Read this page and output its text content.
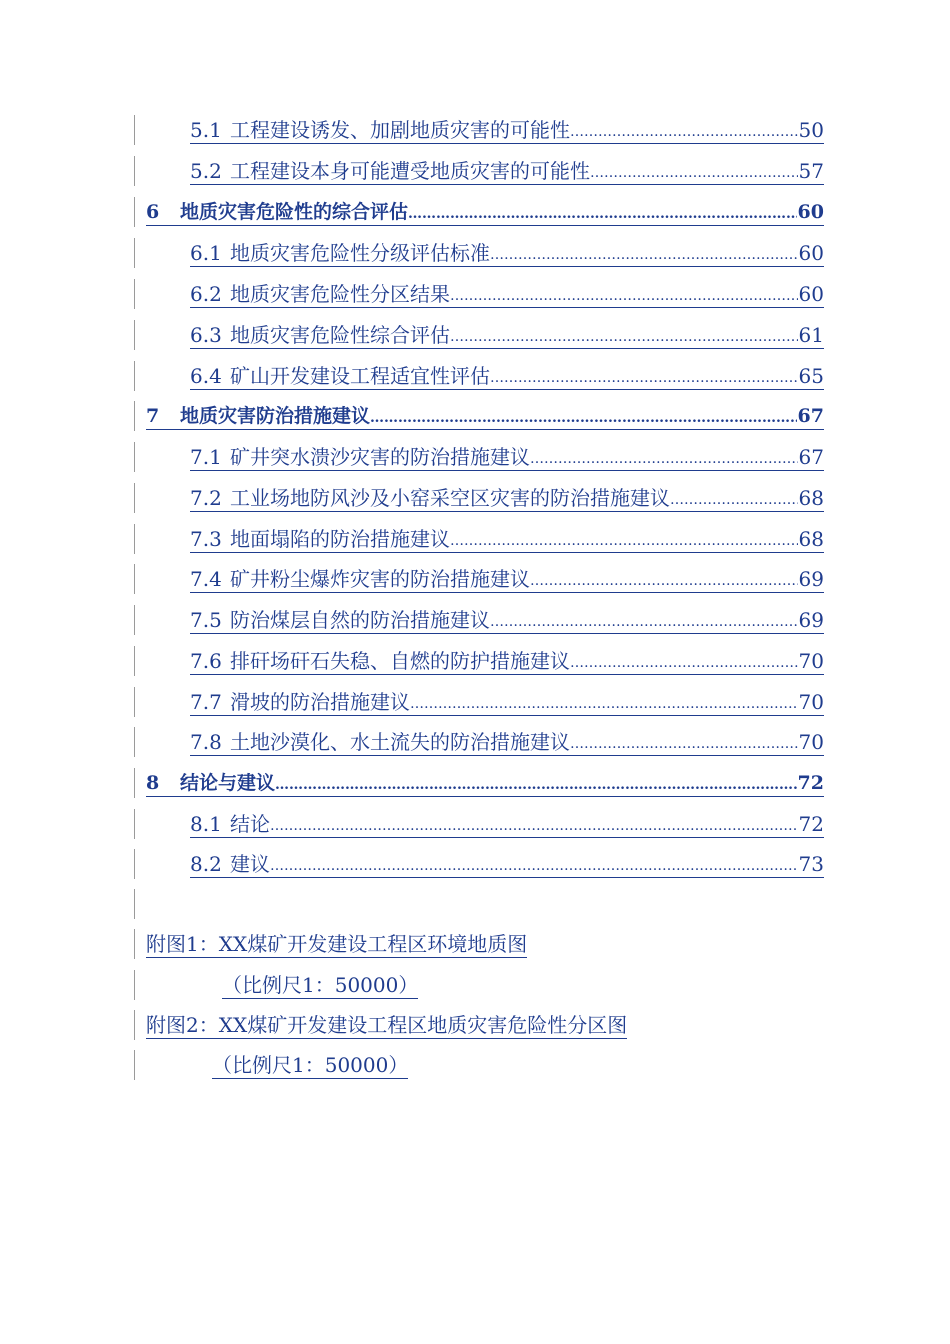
5.1 工程建设诱发、加剧地质灾害的可能性 …………………………………………………………………………………………………………………………	50
5.2 工程建设本身可能遭受地质灾害的可能性 …………………………………………………………………………………………………………………………	57
6	地质灾害危险性的综合评估 …………………………………………………………………………………………………………………………	60
6.1 地质灾害危险性分级评估标准 …………………………………………………………………………………………………………………………	60
6.2 地质灾害危险性分区结果 …………………………………………………………………………………………………………………………	60
6.3 地质灾害危险性综合评估 …………………………………………………………………………………………………………………………	61
6.4 矿山开发建设工程适宜性评估 …………………………………………………………………………………………………………………………	65
7	地质灾害防治措施建议 …………………………………………………………………………………………………………………………	67
7.1 矿井突水溃沙灾害的防治措施建议 …………………………………………………………………………………………………………………………	67
7.2 工业场地防风沙及小窑采空区灾害的防治措施建议 …………………………………………………………………………………………………………………………	68
7.3 地面塌陷的防治措施建议 …………………………………………………………………………………………………………………………	68
7.4 矿井粉尘爆炸灾害的防治措施建议 …………………………………………………………………………………………………………………………	69
7.5 防治煤层自然的防治措施建议 …………………………………………………………………………………………………………………………	69
7.6 排矸场矸石失稳、自燃的防护措施建议 …………………………………………………………………………………………………………………………	70
7.7 滑坡的防治措施建议 …………………………………………………………………………………………………………………………	70
7.8 土地沙漠化、水土流失的防治措施建议 …………………………………………………………………………………………………………………………	70
8	结论与建议 …………………………………………………………………………………………………………………………	72
8.1 结论 …………………………………………………………………………………………………………………………	72
8.2 建议 …………………………………………………………………………………………………………………………	73
附图1：XX煤矿开发建设工程区环境地质图
（比例尺1：50000）
附图2：XX煤矿开发建设工程区地质灾害危险性分区图
（比例尺1：50000）
